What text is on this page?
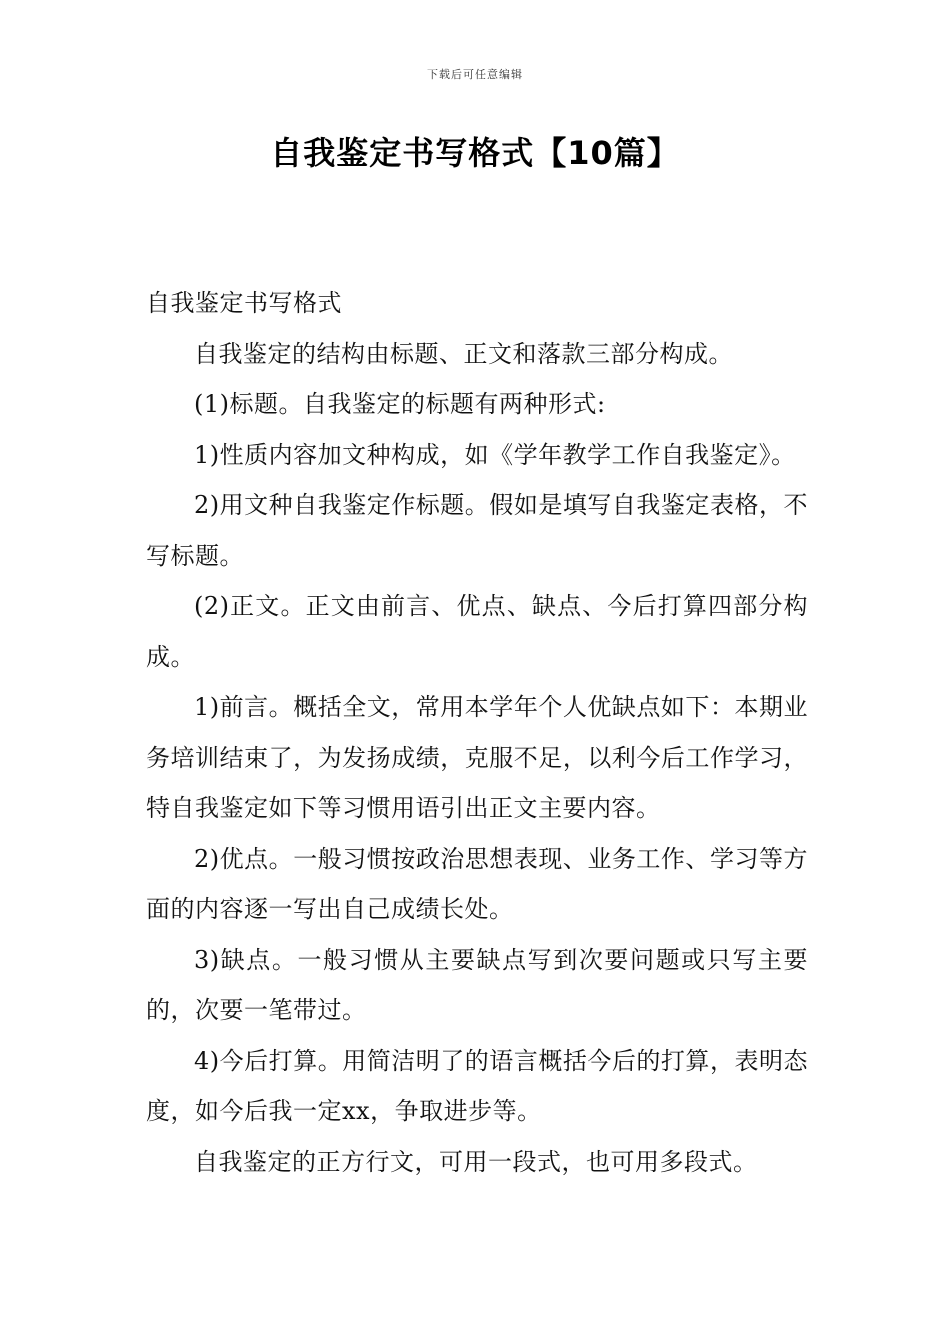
下载后可任意编辑
自我鉴定书写格式【10篇】

自我鉴定书写格式

自我鉴定的结构由标题、正文和落款三部分构成。

(1)标题。自我鉴定的标题有两种形式:

1)性质内容加文种构成，如《学年教学工作自我鉴定》。

2)用文种自我鉴定作标题。假如是填写自我鉴定表格，不写标题。

(2)正文。正文由前言、优点、缺点、今后打算四部分构成。

1)前言。概括全文，常用本学年个人优缺点如下：本期业务培训结束了，为发扬成绩，克服不足，以利今后工作学习，特自我鉴定如下等习惯用语引出正文主要内容。

2)优点。一般习惯按政治思想表现、业务工作、学习等方面的内容逐一写出自己成绩长处。

3)缺点。一般习惯从主要缺点写到次要问题或只写主要的，次要一笔带过。

4)今后打算。用简洁明了的语言概括今后的打算，表明态度，如今后我一定xx，争取进步等。

自我鉴定的正方行文，可用一段式，也可用多段式。
